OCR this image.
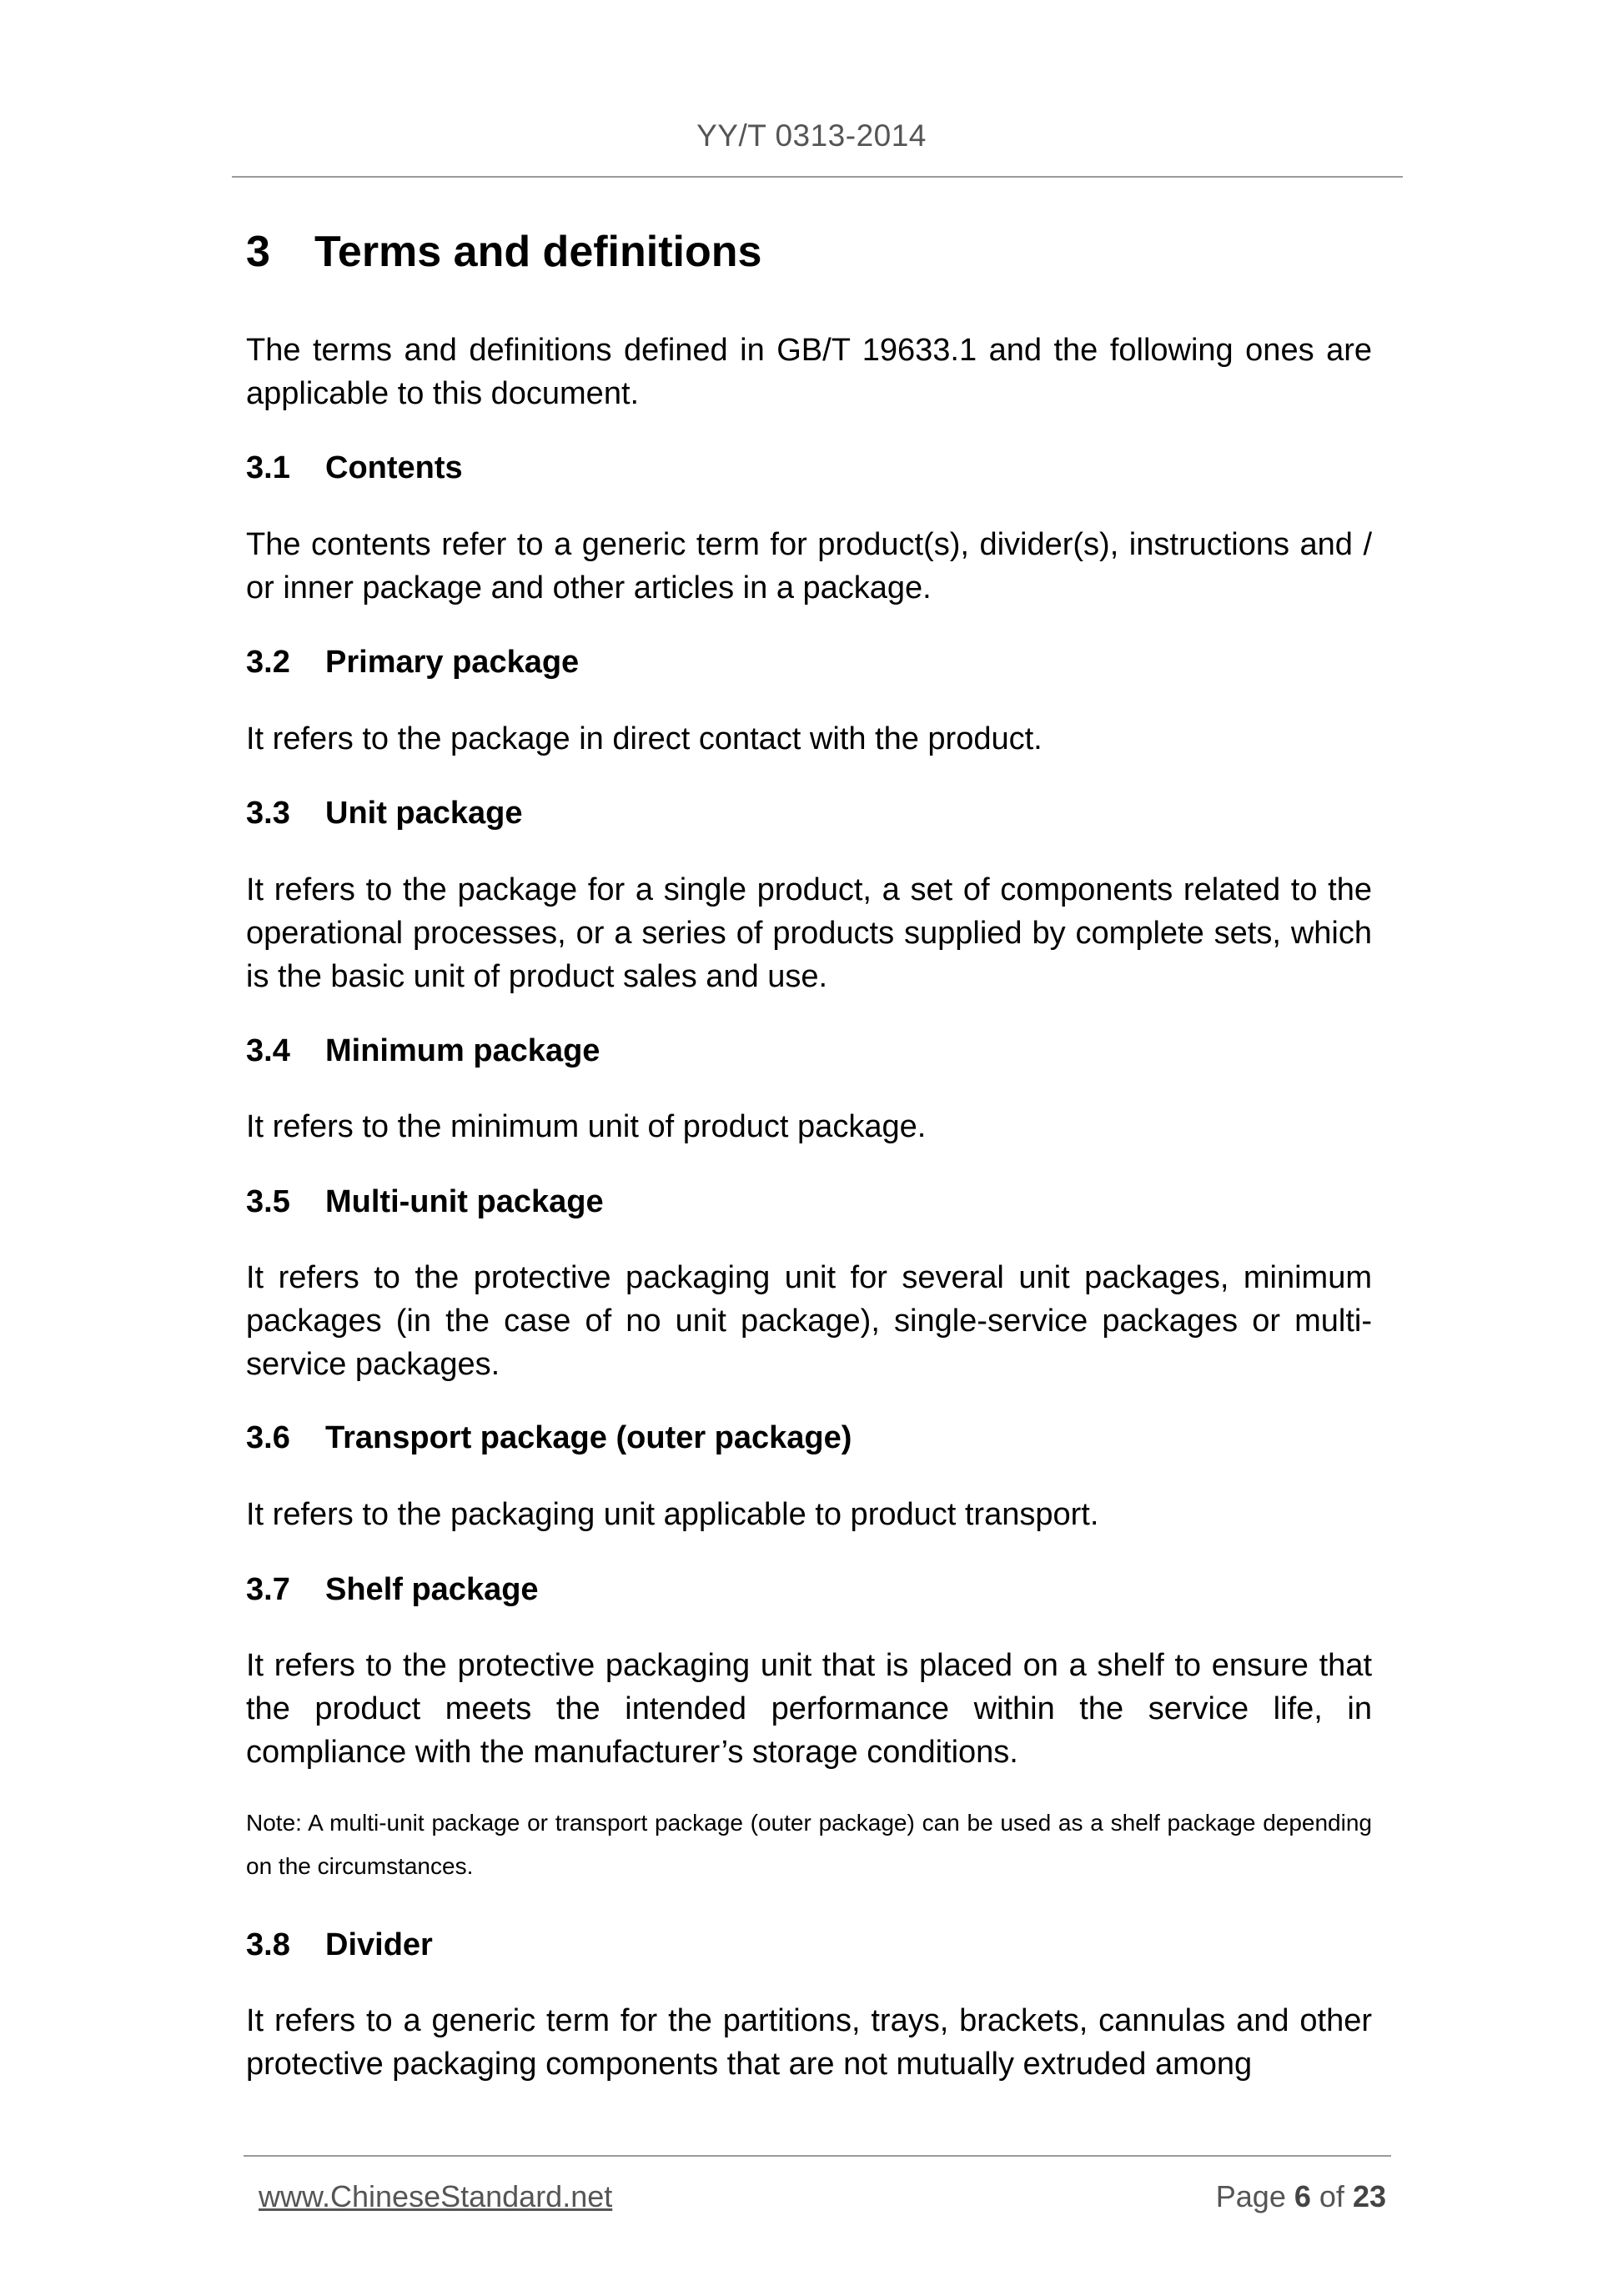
YY/T 0313-2014
3 Terms and definitions
The terms and definitions defined in GB/T 19633.1 and the following ones are applicable to this document.
3.1 Contents
The contents refer to a generic term for product(s), divider(s), instructions and / or inner package and other articles in a package.
3.2 Primary package
It refers to the package in direct contact with the product.
3.3 Unit package
It refers to the package for a single product, a set of components related to the operational processes, or a series of products supplied by complete sets, which is the basic unit of product sales and use.
3.4 Minimum package
It refers to the minimum unit of product package.
3.5 Multi-unit package
It refers to the protective packaging unit for several unit packages, minimum packages (in the case of no unit package), single-service packages or multi-service packages.
3.6 Transport package (outer package)
It refers to the packaging unit applicable to product transport.
3.7 Shelf package
It refers to the protective packaging unit that is placed on a shelf to ensure that the product meets the intended performance within the service life, in compliance with the manufacturer’s storage conditions.
Note: A multi-unit package or transport package (outer package) can be used as a shelf package depending on the circumstances.
3.8 Divider
It refers to a generic term for the partitions, trays, brackets, cannulas and other protective packaging components that are not mutually extruded among
www.ChineseStandard.net	Page 6 of 23
